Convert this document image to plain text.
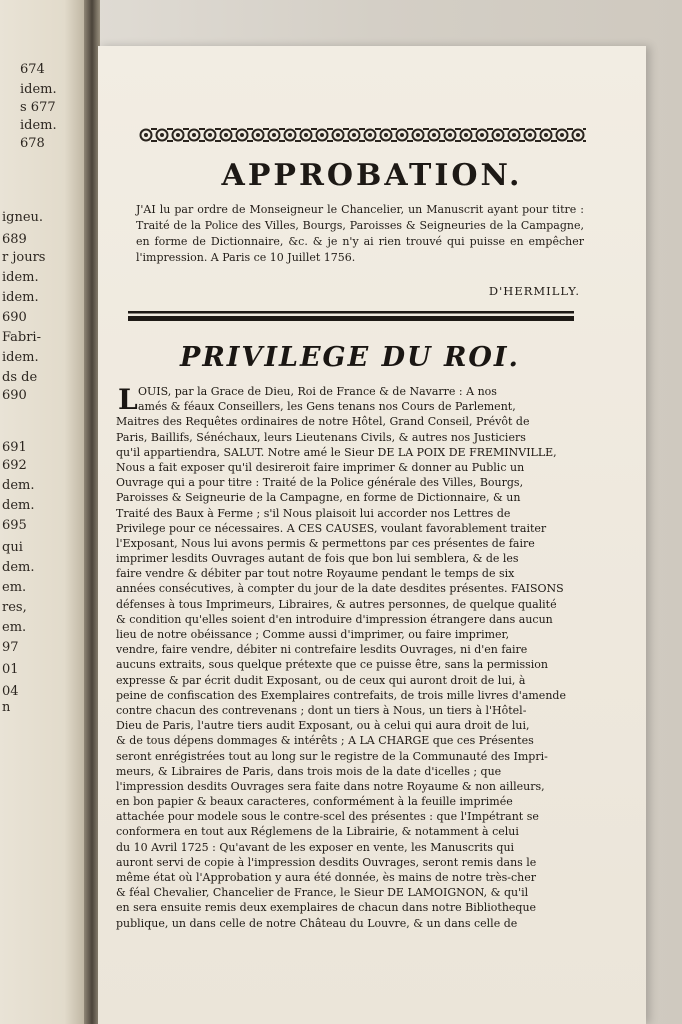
674
idem.
s 677
idem.
678
igneu.
689
r jours
idem.
idem.
690
Fabri-
idem.
ds de
690
691
692
dem.
dem.
695
qui
dem.
em.
res,
em.
97
01
04
n
APPROBATION.
J'AI lu par ordre de Monseigneur le Chancelier, un Manuscrit ayant pour titre : Traité de la Police des Villes, Bourgs, Paroisses & Seigneuries de la Campagne, en forme de Dictionnaire, &c. & je n'y ai rien trouvé qui puisse en empêcher l'impression. A Paris ce 10 Juillet 1756.
D'HERMILLY.
PRIVILEGE DU ROI.
L OUIS, par la Grace de Dieu, Roi de France & de Navarre : A nos
amés & féaux Conseillers, les Gens tenans nos Cours de Parlement,
Maitres des Requêtes ordinaires de notre Hôtel, Grand Conseil, Prévôt de
Paris, Baillifs, Sénéchaux, leurs Lieutenans Civils, & autres nos Justiciers
qu'il appartiendra, SALUT. Notre amé le Sieur DE LA POIX DE FREMINVILLE,
Nous a fait exposer qu'il desireroit faire imprimer & donner au Public un
Ouvrage qui a pour titre : Traité de la Police générale des Villes, Bourgs,
Paroisses & Seigneurie de la Campagne, en forme de Dictionnaire, & un
Traité des Baux à Ferme ; s'il Nous plaisoit lui accorder nos Lettres de
Privilege pour ce nécessaires. A CES CAUSES, voulant favorablement traiter
l'Exposant, Nous lui avons permis & permettons par ces présentes de faire
imprimer lesdits Ouvrages autant de fois que bon lui semblera, & de les
faire vendre & débiter par tout notre Royaume pendant le temps de six
années consécutives, à compter du jour de la date desdites présentes. FAISONS
défenses à tous Imprimeurs, Libraires, & autres personnes, de quelque qualité
& condition qu'elles soient d'en introduire d'impression étrangere dans aucun
lieu de notre obéissance ; Comme aussi d'imprimer, ou faire imprimer,
vendre, faire vendre, débiter ni contrefaire lesdits Ouvrages, ni d'en faire
aucuns extraits, sous quelque prétexte que ce puisse être, sans la permission
expresse & par écrit dudit Exposant, ou de ceux qui auront droit de lui, à
peine de confiscation des Exemplaires contrefaits, de trois mille livres d'amende
contre chacun des contrevenans ; dont un tiers à Nous, un tiers à l'Hôtel-
Dieu de Paris, l'autre tiers audit Exposant, ou à celui qui aura droit de lui,
& de tous dépens dommages & intérêts ; A LA CHARGE que ces Présentes
seront enrégistrées tout au long sur le registre de la Communauté des Impri-
meurs, & Libraires de Paris, dans trois mois de la date d'icelles ; que
l'impression desdits Ouvrages sera faite dans notre Royaume & non ailleurs,
en bon papier & beaux caracteres, conformément à la feuille imprimée
attachée pour modele sous le contre-scel des présentes : que l'Impétrant se
conformera en tout aux Réglemens de la Librairie, & notamment à celui
du 10 Avril 1725 : Qu'avant de les exposer en vente, les Manuscrits qui
auront servi de copie à l'impression desdits Ouvrages, seront remis dans le
même état où l'Approbation y aura été donnée, ès mains de notre très-cher
& féal Chevalier, Chancelier de France, le Sieur DE LAMOIGNON, & qu'il
en sera ensuite remis deux exemplaires de chacun dans notre Bibliotheque
publique, un dans celle de notre Château du Louvre, & un dans celle de
